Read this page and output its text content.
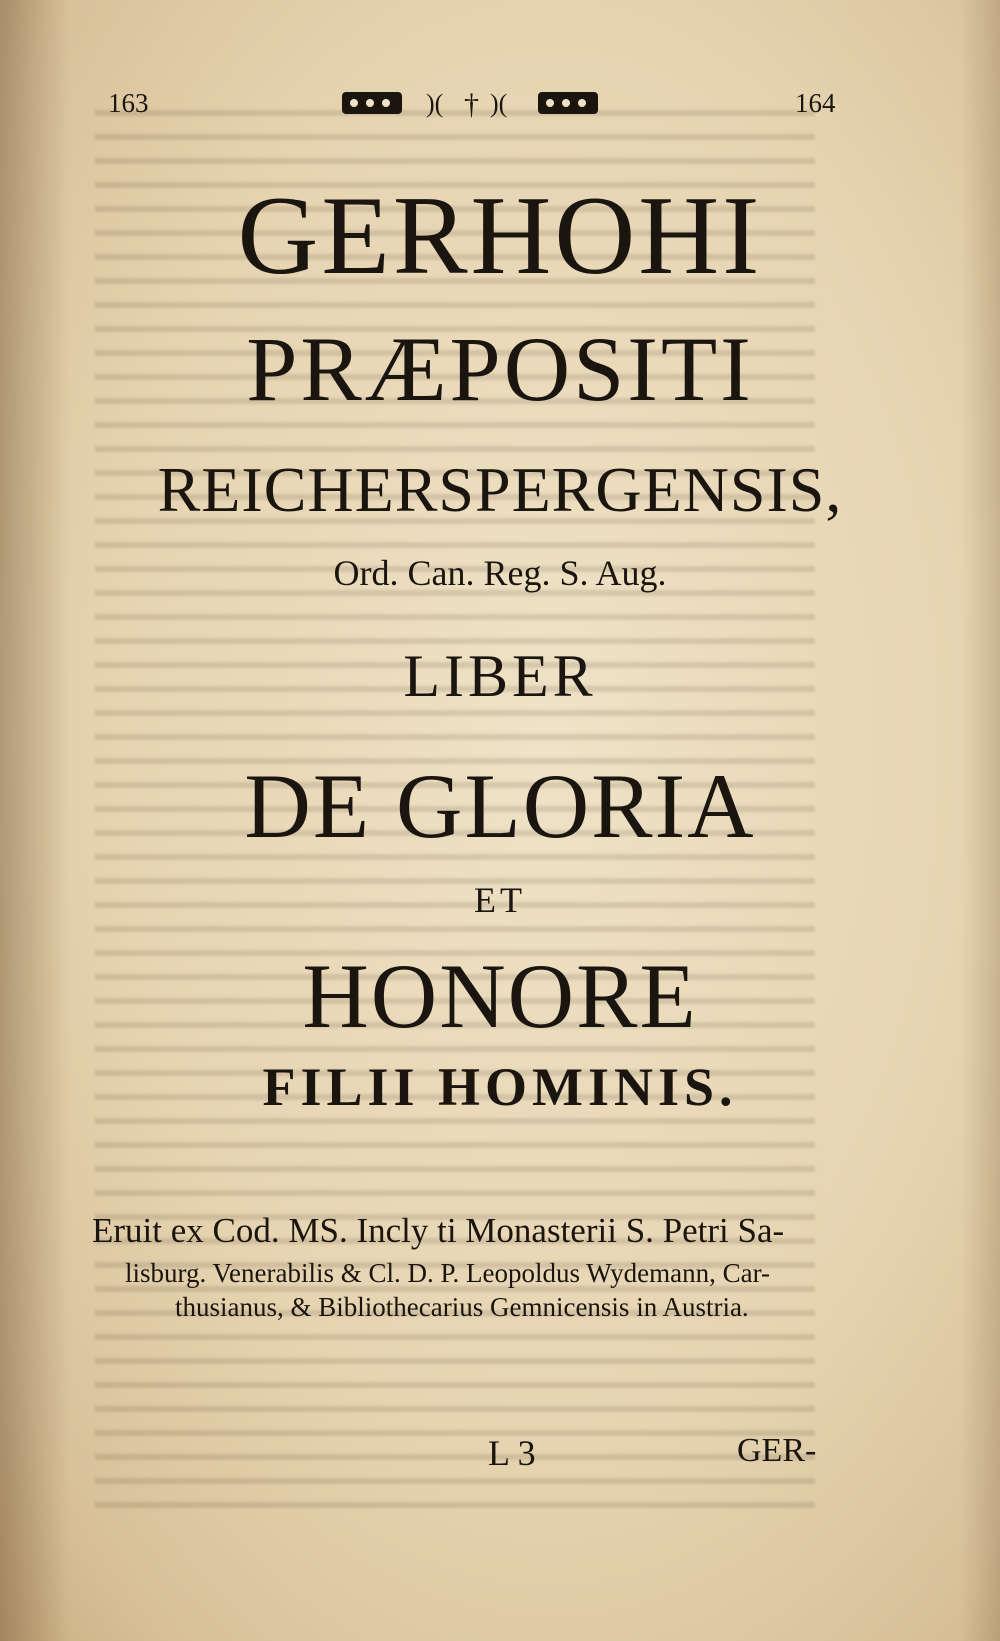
163	164
)( † )(
GERHOHI
PRÆPOSITI
REICHERSPERGENSIS,
Ord. Can. Reg. S. Aug.
LIBER
DE GLORIA
ET
HONORE
FILII HOMINIS.
Eruit ex Cod. MS. Incly ti Monasterii S. Petri Sa-
lisburg. Venerabilis & Cl. D. P. Leopoldus Wydemann, Car-
thusianus, & Bibliothecarius Gemnicensis in Austria.
L 3	GER-
